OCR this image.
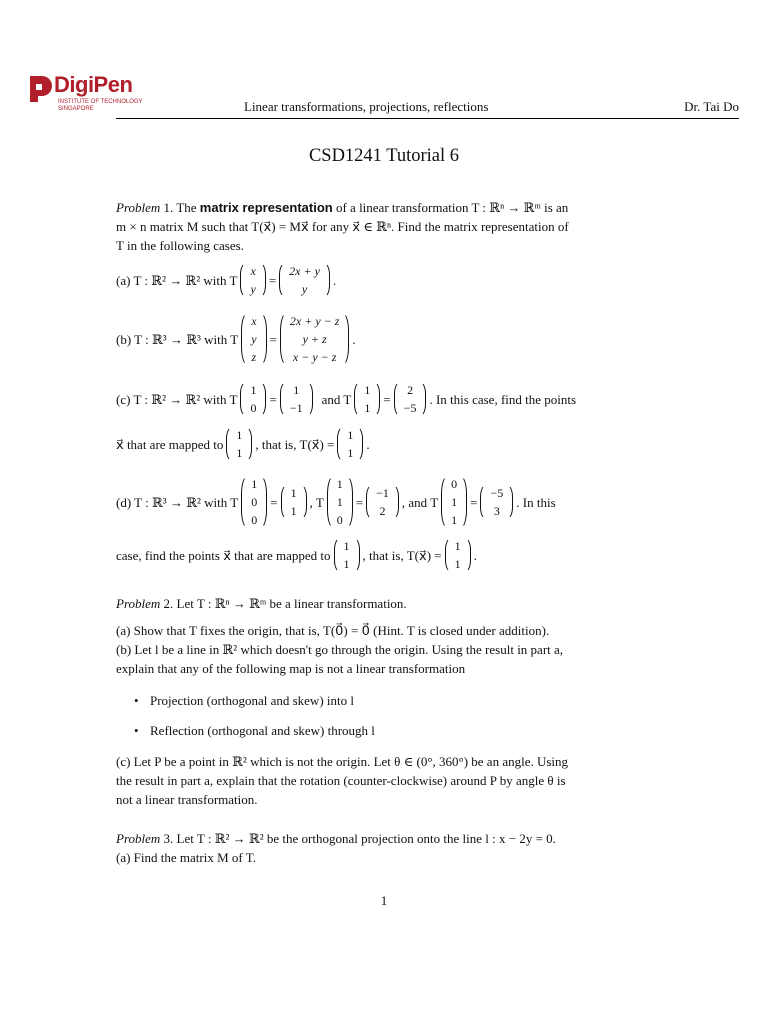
DigiPen
INSTITUTE OF TECHNOLOGY SINGAPORE	Linear transformations, projections, reflections	Dr. Tai Do
CSD1241 Tutorial 6

Problem 1. The matrix representation of a linear transformation T : ℝⁿ → ℝᵐ is an
m × n matrix M such that T(x⃗) = Mx⃗ for any x⃗ ∈ ℝⁿ. Find the matrix representation of
T in the following cases.

(a) T : ℝ² → ℝ² with T
x
y
=
2x + y
y
.
(b) T : ℝ³ → ℝ³ with T
x
y
z
=
2x + y − z
y + z
x − y − z
.
(c) T : ℝ² → ℝ² with T
1
0
=
1
−1
and T
1
1
=
2
−5
. In this case, find the points
x⃗ that are mapped to
1
1
, that is, T(x⃗) =
1
1
.
(d) T : ℝ³ → ℝ² with T
1
0
0
=
1
1
, T
1
1
0
=
−1
2
, and T
0
1
1
=
−5
3
. In this
case, find the points x⃗ that are mapped to
1
1
, that is, T(x⃗) =
1
1
.

Problem 2. Let T : ℝⁿ → ℝᵐ be a linear transformation.

(a) Show that T fixes the origin, that is, T(0⃗) = 0⃗ (Hint. T is closed under addition).
(b) Let l be a line in ℝ² which doesn't go through the origin. Using the result in part a,
explain that any of the following map is not a linear transformation

• Projection (orthogonal and skew) into l
• Reflection (orthogonal and skew) through l

(c) Let P be a point in ℝ² which is not the origin. Let θ ∈ (0°, 360°) be an angle. Using
the result in part a, explain that the rotation (counter-clockwise) around P by angle θ is
not a linear transformation.

Problem 3. Let T : ℝ² → ℝ² be the orthogonal projection onto the line l : x − 2y = 0.
(a) Find the matrix M of T.

1
